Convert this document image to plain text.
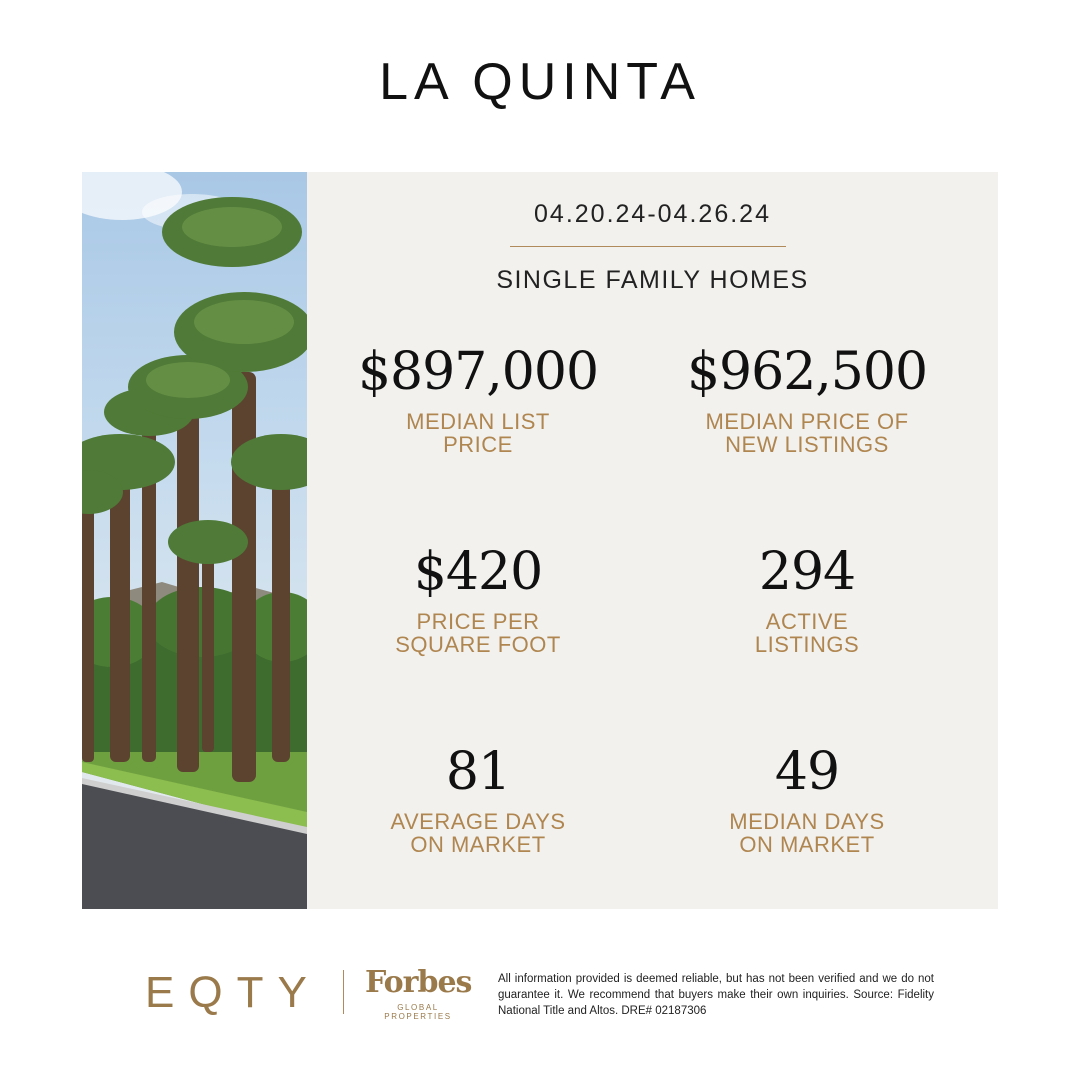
LA QUINTA
04.20.24-04.26.24
SINGLE FAMILY HOMES
$897,000
MEDIAN LIST
PRICE
$962,500
MEDIAN PRICE OF
NEW LISTINGS
$420
PRICE PER
SQUARE FOOT
294
ACTIVE
LISTINGS
81
AVERAGE DAYS
ON MARKET
49
MEDIAN DAYS
ON MARKET
EQTY Forbes
GLOBAL PROPERTIES
All information provided is deemed reliable, but has not been verified and we do not guarantee it. We recommend that buyers make their own inquiries. Source: Fidelity National Title and Altos. DRE# 02187306
